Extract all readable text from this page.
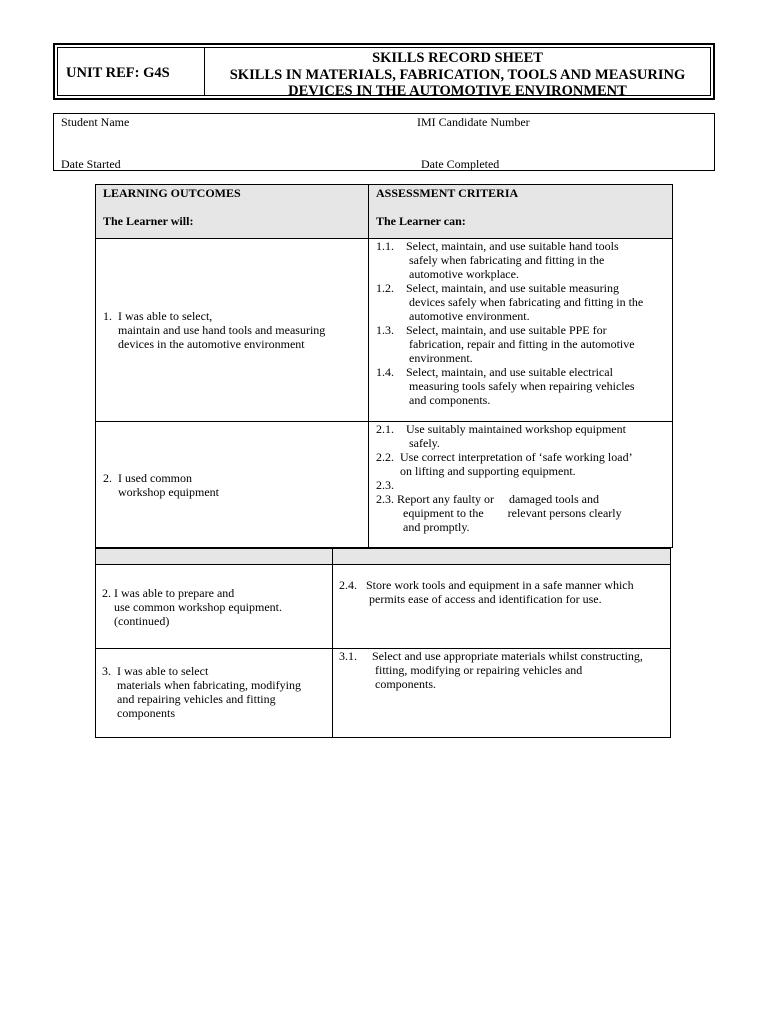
UNIT REF: G4S
SKILLS RECORD SHEET
SKILLS IN MATERIALS, FABRICATION, TOOLS AND MEASURING
DEVICES IN THE AUTOMOTIVE ENVIRONMENT
Student Name	IMI Candidate Number
Date Started	Date Completed
LEARNING OUTCOMES
The Learner will:
ASSESSMENT CRITERIA
The Learner can:
1.  I was able to select,
maintain and use hand tools and measuring
devices in the automotive environment
1.1.    Select, maintain, and use suitable hand tools
safely when fabricating and fitting in the
automotive workplace.
1.2.    Select, maintain, and use suitable measuring
devices safely when fabricating and fitting in the
automotive environment.
1.3.    Select, maintain, and use suitable PPE for
fabrication, repair and fitting in the automotive
environment.
1.4.    Select, maintain, and use suitable electrical
measuring tools safely when repairing vehicles
and components.
2.  I used common
workshop equipment
2.1.    Use suitably maintained workshop equipment
safely.
2.2.  Use correct interpretation of ‘safe working load’
on lifting and supporting equipment.
2.3.
2.3. Report any faulty or     damaged tools and
equipment to the        relevant persons clearly
and promptly.
2. I was able to prepare and
use common workshop equipment.
(continued)
2.4.   Store work tools and equipment in a safe manner which
permits ease of access and identification for use.
3.  I was able to select
materials when fabricating, modifying
and repairing vehicles and fitting
components
3.1.     Select and use appropriate materials whilst constructing,
fitting, modifying or repairing vehicles and
components.
